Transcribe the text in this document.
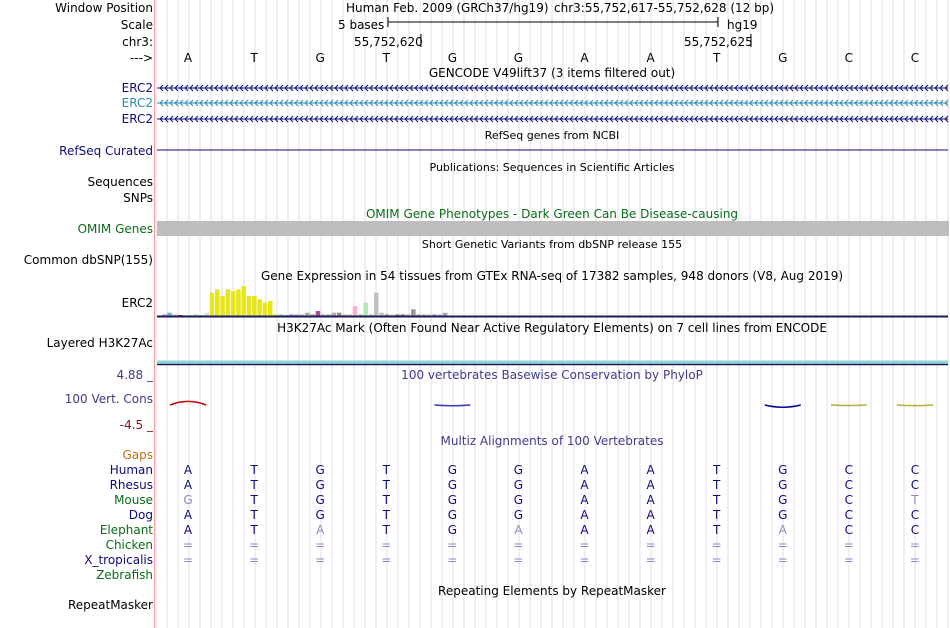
Window Position	Human Feb. 2009 (GRCh37/hg19) chr3:55,752,617-55,752,628 (12 bp)
Scale	5 bases	hg19
chr3:	55,752,620	55,752,625
--->	A	T	G	T	G	G	A	A	T	G	C	C
GENCODE V49lift37 (3 items filtered out)
ERC2
ERC2
ERC2
RefSeq genes from NCBI
RefSeq Curated
Publications: Sequences in Scientific Articles
Sequences
SNPs
OMIM Gene Phenotypes - Dark Green Can Be Disease-causing
OMIM Genes
Short Genetic Variants from dbSNP release 155
Common dbSNP(155)
Gene Expression in 54 tissues from GTEx RNA-seq of 17382 samples, 948 donors (V8, Aug 2019)
ERC2
H3K27Ac Mark (Often Found Near Active Regulatory Elements) on 7 cell lines from ENCODE
Layered H3K27Ac
4.88 _	100 vertebrates Basewise Conservation by PhyloP
100 Vert. Cons
-4.5 _
Multiz Alignments of 100 Vertebrates
Gaps
Human	A	T	G	T	G	G	A	A	T	G	C	C
Rhesus	A	T	G	T	G	G	A	A	T	G	C	C
Mouse	G	T	G	T	G	G	A	A	T	G	C	T
Dog	A	T	G	T	G	G	A	A	T	G	C	C
Elephant	A	T	A	T	G	A	A	A	T	A	C	C
Chicken	=	=	=	=	=	=	=	=	=	=	=	=
X_tropicalis	=	=	=	=	=	=	=	=	=	=	=	=
Zebrafish
Repeating Elements by RepeatMasker
RepeatMasker
